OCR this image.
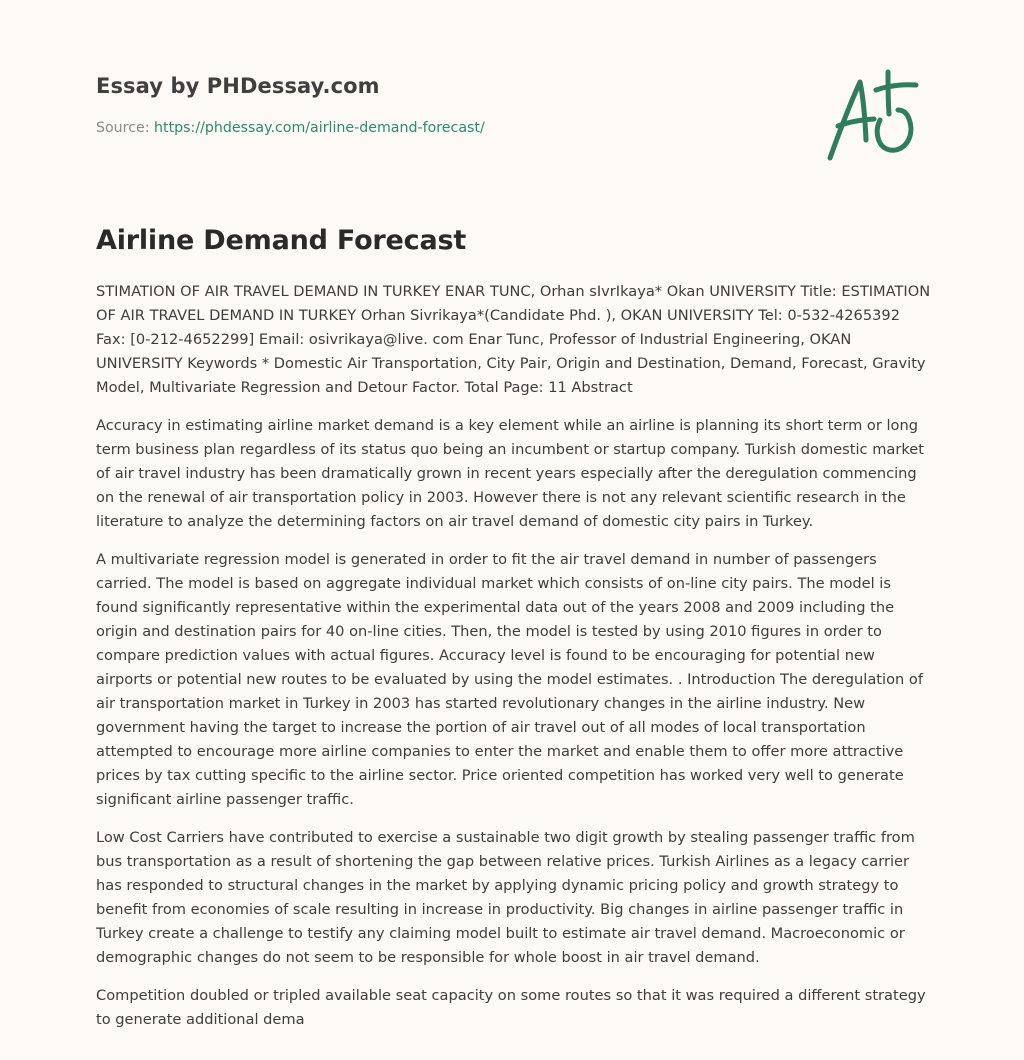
Essay by PHDessay.com
Source: https://phdessay.com/airline-demand-forecast/
Airline Demand Forecast

STIMATION OF AIR TRAVEL DEMAND IN TURKEY ENAR TUNC, Orhan sIvrIkaya* Okan UNIVERSITY Title: ESTIMATION OF AIR TRAVEL DEMAND IN TURKEY Orhan Sivrikaya*(Candidate Phd. ), OKAN UNIVERSITY Tel: 0-532-4265392 Fax: [0-212-4652299] Email: osivrikaya@live. com Enar Tunc, Professor of Industrial Engineering, OKAN UNIVERSITY Keywords * Domestic Air Transportation, City Pair, Origin and Destination, Demand, Forecast, Gravity Model, Multivariate Regression and Detour Factor. Total Page: 11 Abstract

Accuracy in estimating airline market demand is a key element while an airline is planning its short term or long term business plan regardless of its status quo being an incumbent or startup company. Turkish domestic market of air travel industry has been dramatically grown in recent years especially after the deregulation commencing on the renewal of air transportation policy in 2003. However there is not any relevant scientific research in the literature to analyze the determining factors on air travel demand of domestic city pairs in Turkey.

A multivariate regression model is generated in order to fit the air travel demand in number of passengers carried. The model is based on aggregate individual market which consists of on-line city pairs. The model is found significantly representative within the experimental data out of the years 2008 and 2009 including the origin and destination pairs for 40 on-line cities. Then, the model is tested by using 2010 figures in order to compare prediction values with actual figures. Accuracy level is found to be encouraging for potential new airports or potential new routes to be evaluated by using the model estimates. . Introduction The deregulation of air transportation market in Turkey in 2003 has started revolutionary changes in the airline industry. New government having the target to increase the portion of air travel out of all modes of local transportation attempted to encourage more airline companies to enter the market and enable them to offer more attractive prices by tax cutting specific to the airline sector. Price oriented competition has worked very well to generate significant airline passenger traffic.

Low Cost Carriers have contributed to exercise a sustainable two digit growth by stealing passenger traffic from bus transportation as a result of shortening the gap between relative prices. Turkish Airlines as a legacy carrier has responded to structural changes in the market by applying dynamic pricing policy and growth strategy to benefit from economies of scale resulting in increase in productivity. Big changes in airline passenger traffic in Turkey create a challenge to testify any claiming model built to estimate air travel demand. Macroeconomic or demographic changes do not seem to be responsible for whole boost in air travel demand.

Competition doubled or tripled available seat capacity on some routes so that it was required a different strategy to generate additional dema
